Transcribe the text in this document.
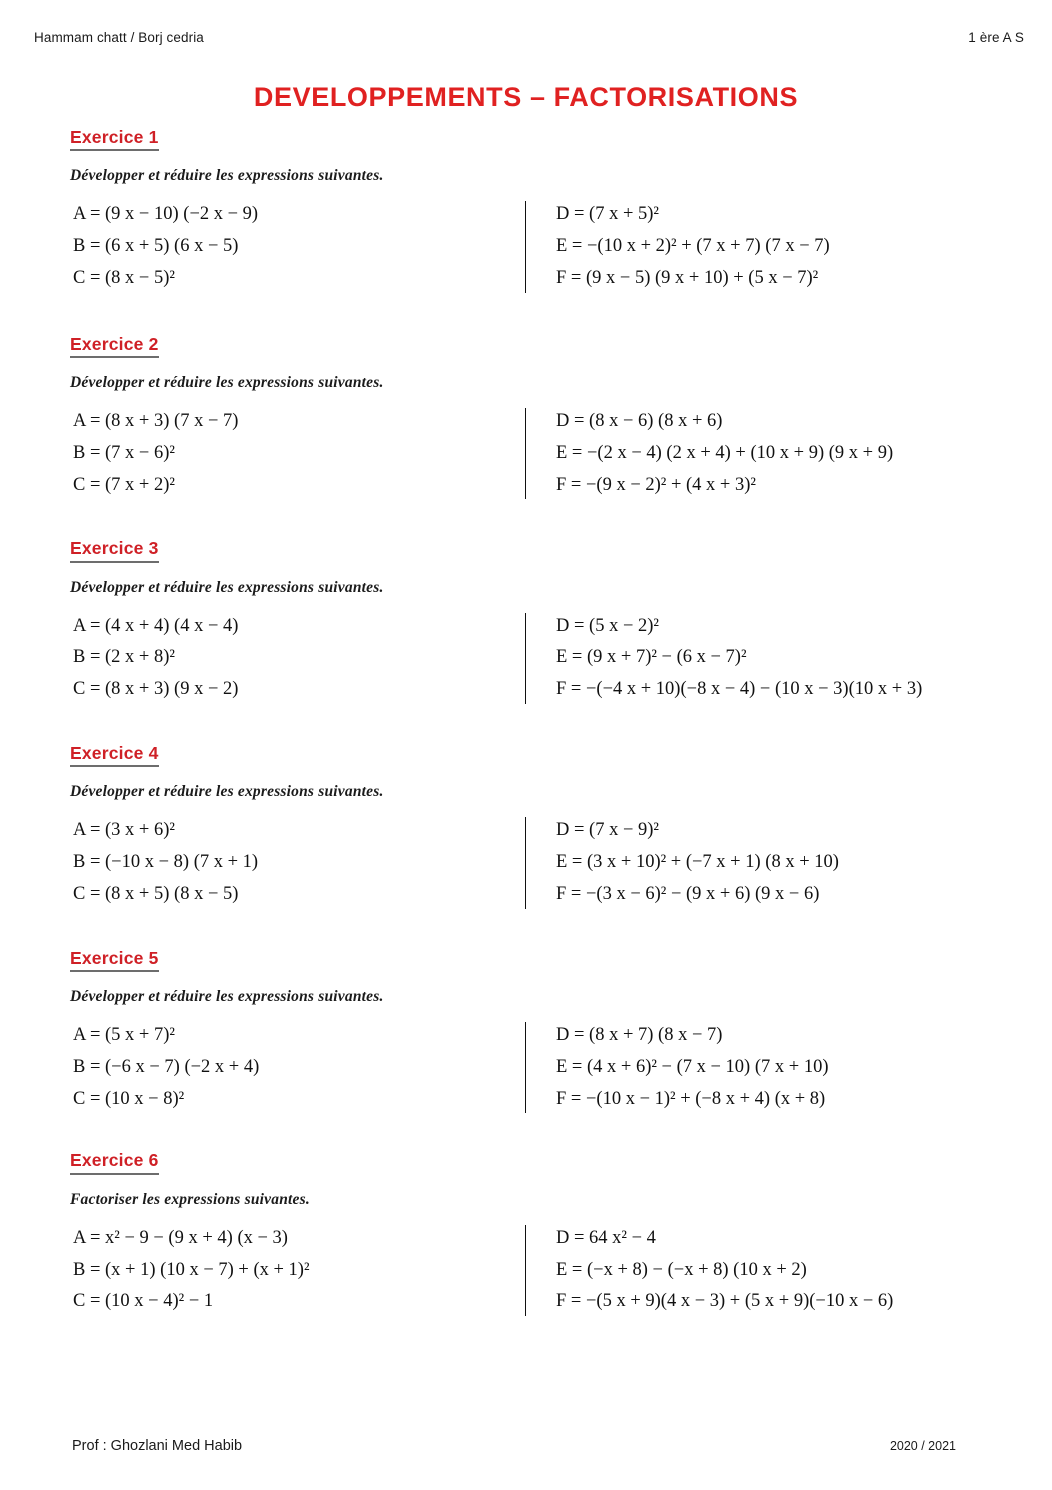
Hammam chatt / Borj cedria	1 ère A S
DEVELOPPEMENTS – FACTORISATIONS
Exercice 1
Développer et réduire les expressions suivantes.
A = (9 x − 10) (−2 x − 9)
B = (6 x + 5) (6 x − 5)
C = (8 x − 5)²
D = (7 x + 5)²
E = −(10 x + 2)² + (7 x + 7) (7 x − 7)
F = (9 x − 5) (9 x + 10) + (5 x − 7)²
Exercice 2
Développer et réduire les expressions suivantes.
A = (8 x + 3) (7 x − 7)
B = (7 x − 6)²
C = (7 x + 2)²
D = (8 x − 6) (8 x + 6)
E = −(2 x − 4) (2 x + 4) + (10 x + 9) (9 x + 9)
F = −(9 x − 2)² + (4 x + 3)²
Exercice 3
Développer et réduire les expressions suivantes.
A = (4 x + 4) (4 x − 4)
B = (2 x + 8)²
C = (8 x + 3) (9 x − 2)
D = (5 x − 2)²
E = (9 x + 7)² − (6 x − 7)²
F = −(−4 x + 10)(−8 x − 4) − (10 x − 3)(10 x + 3)
Exercice 4
Développer et réduire les expressions suivantes.
A = (3 x + 6)²
B = (−10 x − 8) (7 x + 1)
C = (8 x + 5) (8 x − 5)
D = (7 x − 9)²
E = (3 x + 10)² + (−7 x + 1) (8 x + 10)
F = −(3 x − 6)² − (9 x + 6) (9 x − 6)
Exercice 5
Développer et réduire les expressions suivantes.
A = (5 x + 7)²
B = (−6 x − 7) (−2 x + 4)
C = (10 x − 8)²
D = (8 x + 7) (8 x − 7)
E = (4 x + 6)² − (7 x − 10) (7 x + 10)
F = −(10 x − 1)² + (−8 x + 4) (x + 8)
Exercice 6
Factoriser les expressions suivantes.
A = x² − 9 − (9 x + 4) (x − 3)
B = (x + 1) (10 x − 7) + (x + 1)²
C = (10 x − 4)² − 1
D = 64 x² − 4
E = (−x + 8) − (−x + 8) (10 x + 2)
F = −(5 x + 9)(4 x − 3) + (5 x + 9)(−10 x − 6)
Prof : Ghozlani Med Habib	2020 / 2021
